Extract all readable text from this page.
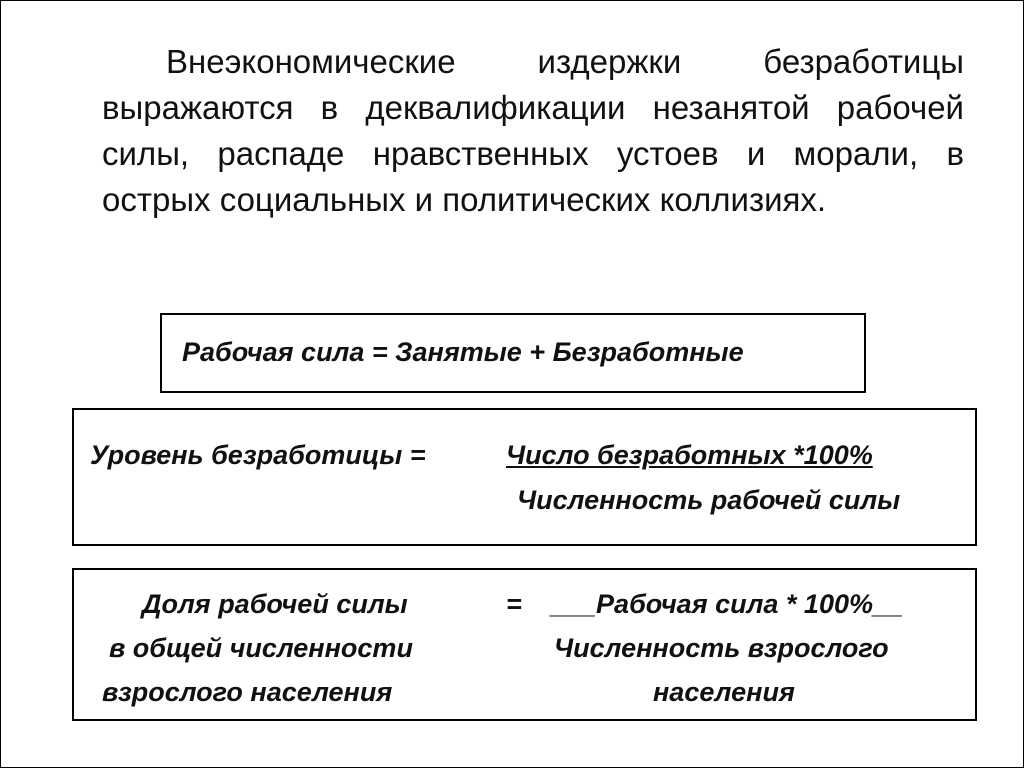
Внеэкономические издержки безработицы выражаются в деквалификации незанятой рабочей силы, распаде нравственных устоев и морали, в острых социальных и политических коллизиях.

Рабочая сила = Занятые + Безработные
Уровень безработицы =	Число безработных *100%
Численность рабочей силы
Доля рабочей силы
в общей численности
взрослого населения
= ___Рабочая сила * 100%__
Численность взрослого
населения
